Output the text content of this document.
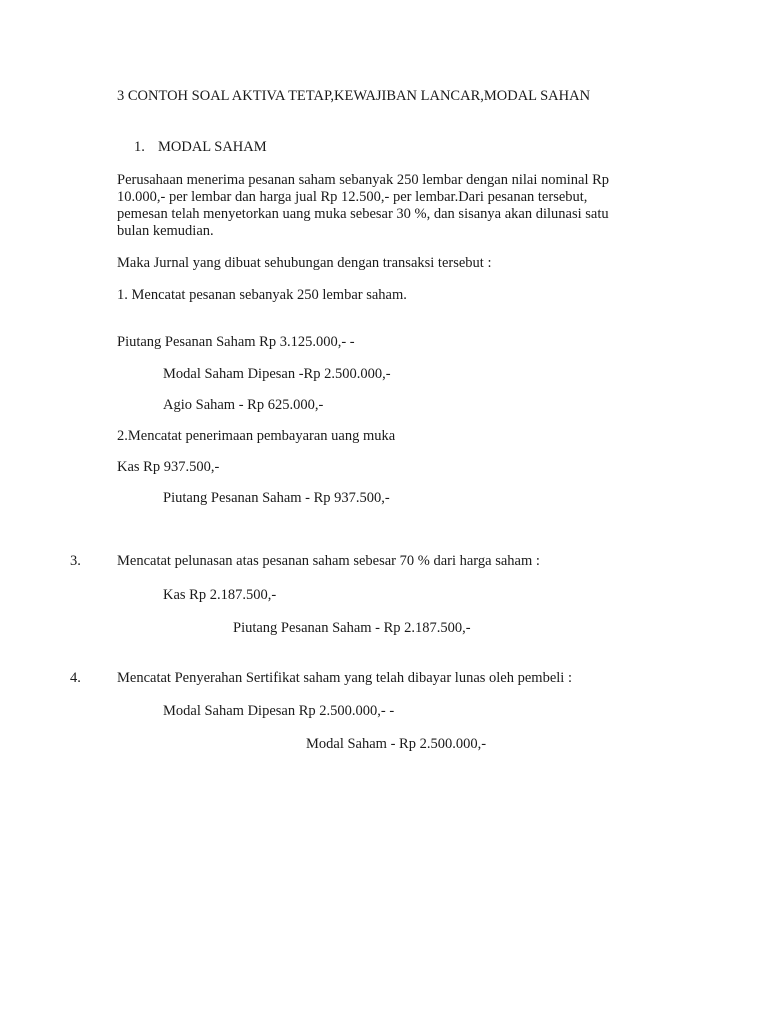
3 CONTOH SOAL AKTIVA TETAP,KEWAJIBAN LANCAR,MODAL SAHAN
1. MODAL SAHAM
Perusahaan menerima pesanan saham sebanyak 250 lembar dengan nilai nominal Rp
10.000,- per lembar dan harga jual Rp 12.500,- per lembar.Dari pesanan tersebut,
pemesan telah menyetorkan uang muka sebesar 30 %, dan sisanya akan dilunasi satu
bulan kemudian.
Maka Jurnal yang dibuat sehubungan dengan transaksi tersebut :
1. Mencatat pesanan sebanyak 250 lembar saham.
Piutang Pesanan Saham Rp 3.125.000,- -
Modal Saham Dipesan -Rp 2.500.000,-
Agio Saham - Rp 625.000,-
2.Mencatat penerimaan pembayaran uang muka
Kas Rp 937.500,-
Piutang Pesanan Saham - Rp 937.500,-
3. Mencatat pelunasan atas pesanan saham sebesar 70 % dari harga saham :
Kas Rp 2.187.500,-
Piutang Pesanan Saham - Rp 2.187.500,-
4. Mencatat Penyerahan Sertifikat saham yang telah dibayar lunas oleh pembeli :
Modal Saham Dipesan Rp 2.500.000,- -
Modal Saham - Rp 2.500.000,-
